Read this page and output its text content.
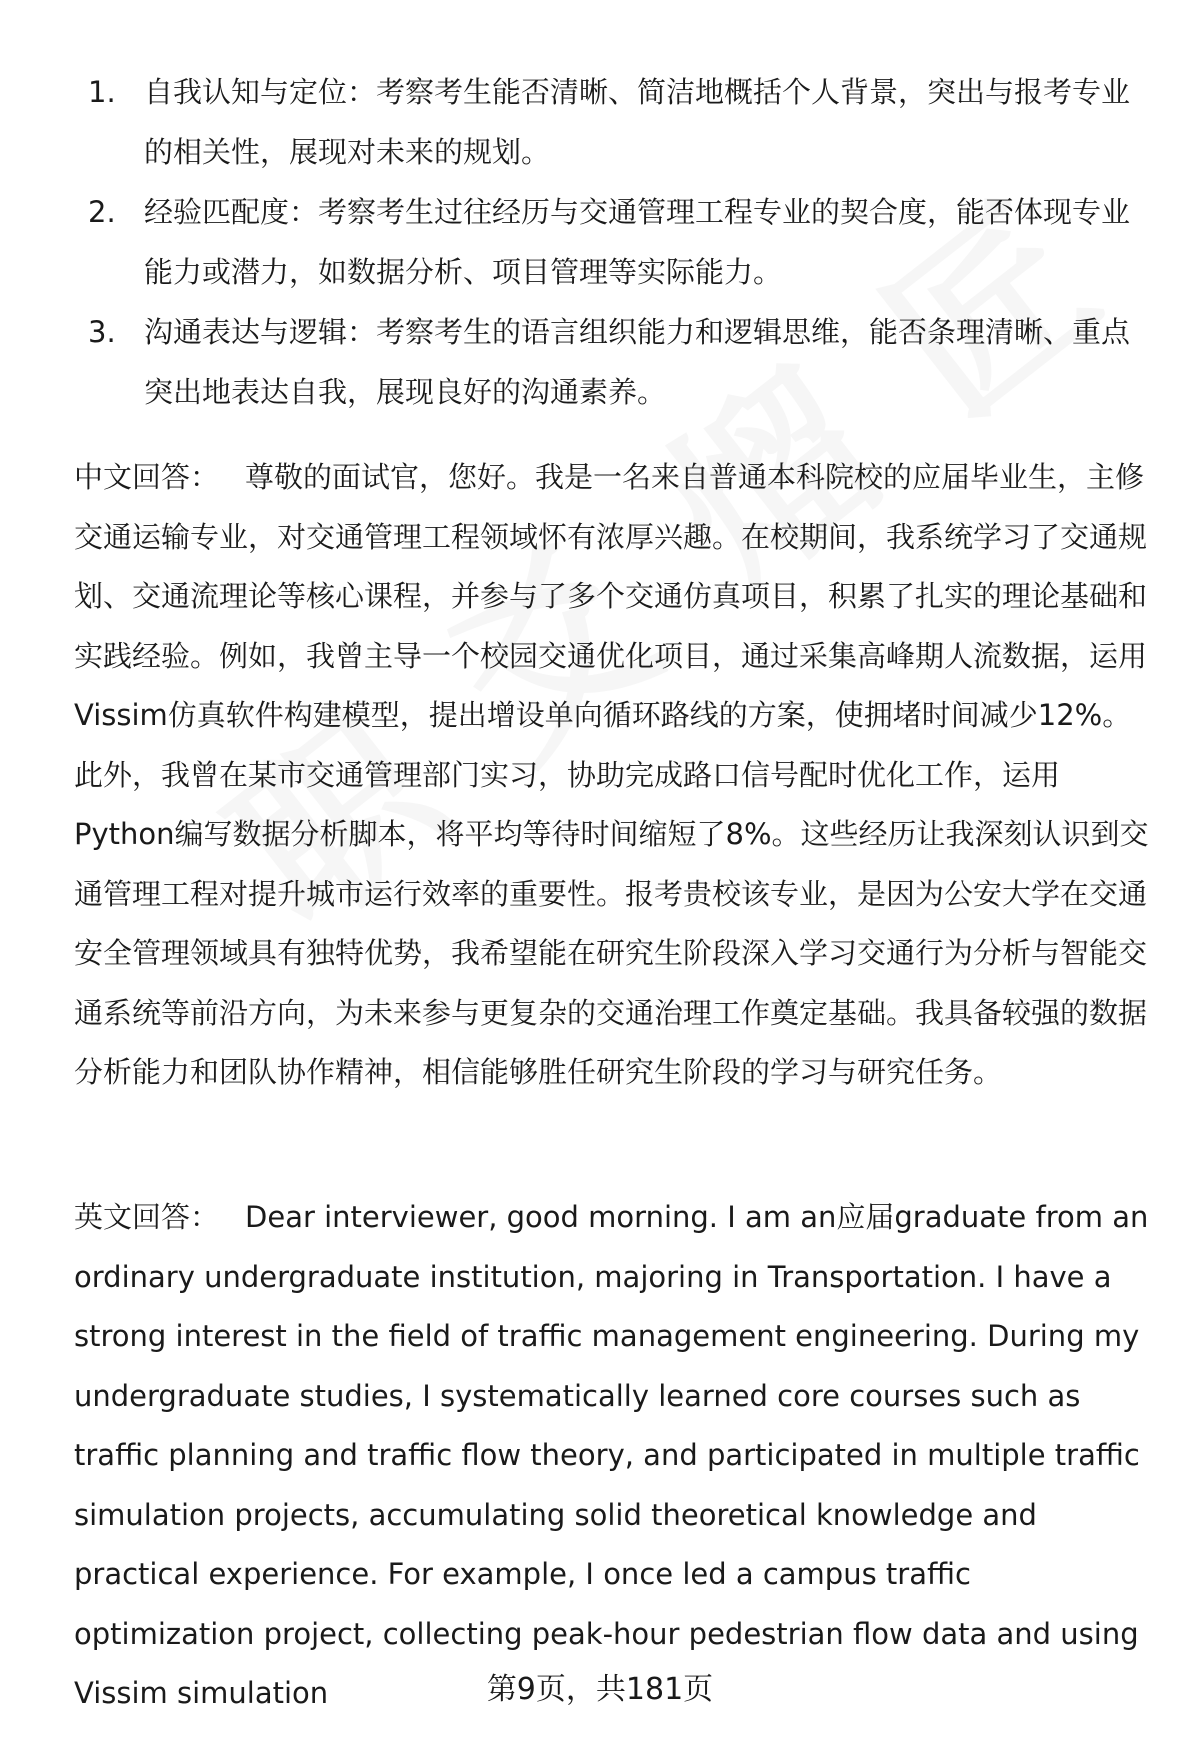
1. 自我认知与定位：考察考生能否清晰、简洁地概括个人背景，突出与报考专业的相关性，展现对未来的规划。
2. 经验匹配度：考察考生过往经历与交通管理工程专业的契合度，能否体现专业能力或潜力，如数据分析、项目管理等实际能力。
3. 沟通表达与逻辑：考察考生的语言组织能力和逻辑思维，能否条理清晰、重点突出地表达自我，展现良好的沟通素养。

中文回答： 尊敬的面试官，您好。我是一名来自普通本科院校的应届毕业生，主修交通运输专业，对交通管理工程领域怀有浓厚兴趣。在校期间，我系统学习了交通规划、交通流理论等核心课程，并参与了多个交通仿真项目，积累了扎实的理论基础和实践经验。例如，我曾主导一个校园交通优化项目，通过采集高峰期人流数据，运用Vissim仿真软件构建模型，提出增设单向循环路线的方案，使拥堵时间减少12%。此外，我曾在某市交通管理部门实习，协助完成路口信号配时优化工作，运用Python编写数据分析脚本，将平均等待时间缩短了8%。这些经历让我深刻认识到交通管理工程对提升城市运行效率的重要性。报考贵校该专业，是因为公安大学在交通安全管理领域具有独特优势，我希望能在研究生阶段深入学习交通行为分析与智能交通系统等前沿方向，为未来参与更复杂的交通治理工作奠定基础。我具备较强的数据分析能力和团队协作精神，相信能够胜任研究生阶段的学习与研究任务。

英文回答： Dear interviewer, good morning. I am an应届graduate from an ordinary undergraduate institution, majoring in Transportation. I have a strong interest in the field of traffic management engineering. During my undergraduate studies, I systematically learned core courses such as traffic planning and traffic flow theory, and participated in multiple traffic simulation projects, accumulating solid theoretical knowledge and practical experience. For example, I once led a campus traffic optimization project, collecting peak-hour pedestrian flow data and using Vissim simulation	第9页，共181页
